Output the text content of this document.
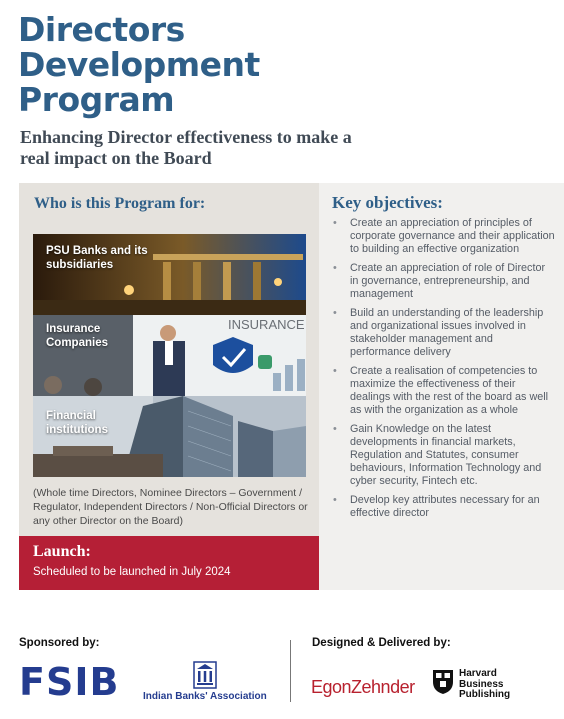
Directors
Development
Program

Enhancing Director effectiveness to make a real impact on the Board

Who is this Program for:
PSU Banks and its subsidiaries
INSURANCE
Insurance Companies
Financial institutions

(Whole time Directors, Nominee Directors – Government / Regulator, Independent Directors / Non-Official Directors or any other Director on the Board)

Launch:
Scheduled to be launched in July 2024
Key objectives:
• Create an appreciation of principles of corporate governance and their application to building an effective organization
• Create an appreciation of role of Director in governance, entrepreneurship, and management
• Build an understanding of the leadership and organizational issues involved in stakeholder management and performance delivery
• Create a realisation of competencies to maximize the effectiveness of their dealings with the rest of the board as well as with the organization as a whole
• Gain Knowledge on the latest developments in financial markets, Regulation and Statutes, consumer behaviours, Information Technology and cyber security, Fintech etc.
• Develop key attributes necessary for an effective director
Sponsored by:	Designed & Delivered by:
FSIB Indian Banks' Association EgonZehnder
Harvard
Business
Publishing
